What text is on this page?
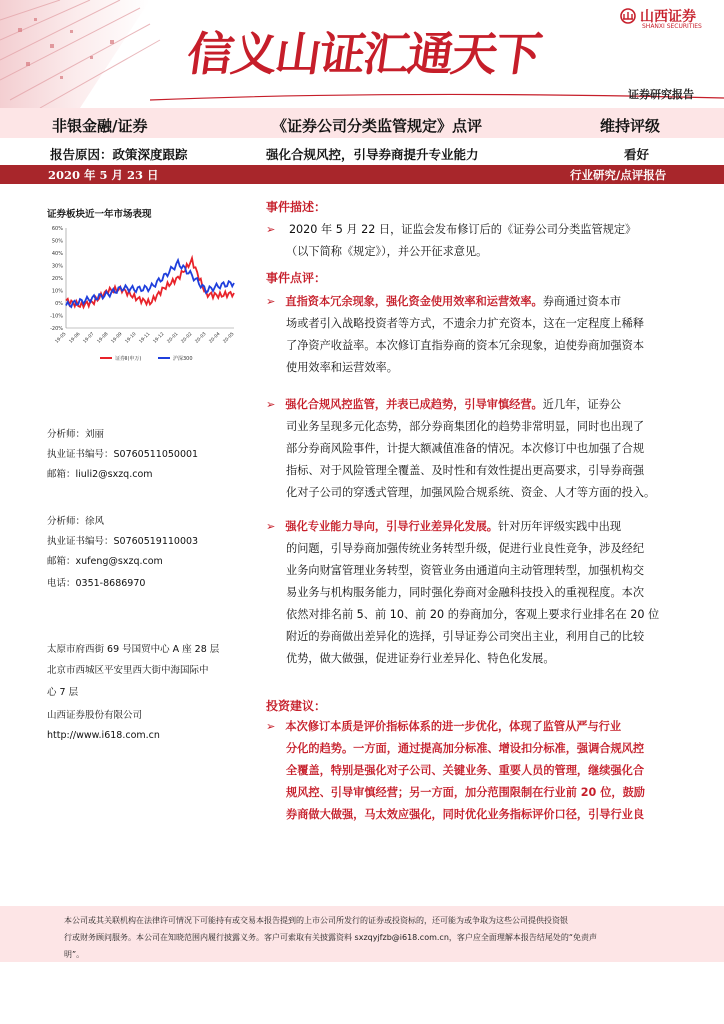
信义山证汇通天下
山西证券
SHANXI SECURITIES
证券研究报告
非银金融/证券	《证券公司分类监管规定》点评	维持评级
报告原因：政策深度跟踪	强化合规风控，引导券商提升专业能力	看好
2020 年 5 月 23 日	行业研究/点评报告
证券板块近一年市场表现
60%
50%
40%
30%
20%
10%
0%
-10%
-20%
19-05 19-06 19-07 19-08 19-09 19-10 19-11 19-12 20-01 20-02 20-03 20-04 20-05
证券Ⅱ(申万)	沪深300
分析师：刘丽
执业证书编号：S0760511050001
邮箱：liuli2@sxzq.com
分析师：徐风
执业证书编号：S0760519110003
邮箱：xufeng@sxzq.com
电话：0351-8686970
太原市府西街 69 号国贸中心 A 座 28 层
北京市西城区平安里西大街中海国际中
心 7 层
山西证券股份有限公司
http://www.i618.com.cn
事件描述：
➢ 2020 年 5 月 22 日，证监会发布修订后的《证券公司分类监管规定》
（以下简称《规定》），并公开征求意见。
事件点评：
➢ 直指资本冗余现象，强化资金使用效率和运营效率。券商通过资本市
场或者引入战略投资者等方式，不遗余力扩充资本，这在一定程度上稀释
了净资产收益率。本次修订直指券商的资本冗余现象，迫使券商加强资本
使用效率和运营效率。
➢ 强化合规风控监管，并表已成趋势，引导审慎经营。近几年，证券公
司业务呈现多元化态势，部分券商集团化的趋势非常明显，同时也出现了
部分券商风险事件，计提大额减值准备的情况。本次修订中也加强了合规
指标、对于风险管理全覆盖、及时性和有效性提出更高要求，引导券商强
化对子公司的穿透式管理，加强风险合规系统、资金、人才等方面的投入。
➢ 强化专业能力导向，引导行业差异化发展。针对历年评级实践中出现
的问题，引导券商加强传统业务转型升级，促进行业良性竞争，涉及经纪
业务向财富管理业务转型，资管业务由通道向主动管理转型，加强机构交
易业务与机构服务能力，同时强化券商对金融科技投入的重视程度。本次
依然对排名前 5、前 10、前 20 的券商加分，客观上要求行业排名在 20 位
附近的券商做出差异化的选择，引导证券公司突出主业，利用自己的比较
优势，做大做强，促进证券行业差异化、特色化发展。
投资建议：
➢ 本次修订本质是评价指标体系的进一步优化，体现了监管从严与行业
分化的趋势。一方面，通过提高加分标准、增设扣分标准，强调合规风控
全覆盖，特别是强化对子公司、关键业务、重要人员的管理，继续强化合
规风控、引导审慎经营；另一方面，加分范围限制在行业前 20 位，鼓励
券商做大做强，马太效应强化，同时优化业务指标评价口径，引导行业良
本公司或其关联机构在法律许可情况下可能持有或交易本报告提到的上市公司所发行的证券或投资标的，还可能为或争取为这些公司提供投资银
行或财务顾问服务。本公司在知晓范围内履行披露义务。客户可索取有关披露资料 sxzqyjfzb@i618.com.cn，客户应全面理解本报告结尾处的“免责声
明”。
